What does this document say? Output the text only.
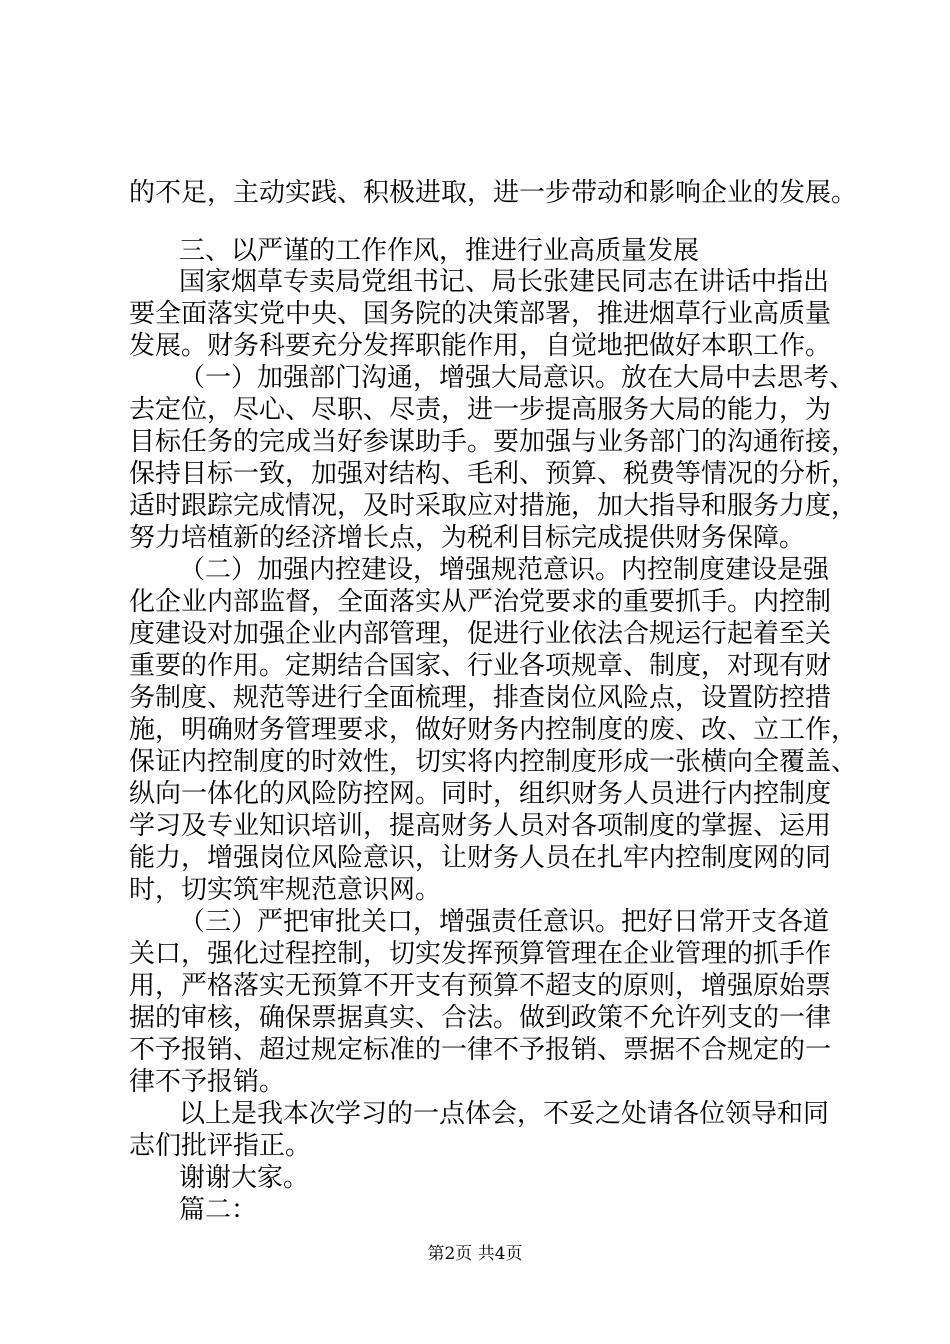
的不足，主动实践、积极进取，进一步带动和影响企业的发展。
三、以严谨的工作作风，推进行业高质量发展
国家烟草专卖局党组书记、局长张建民同志在讲话中指出
要全面落实党中央、国务院的决策部署，推进烟草行业高质量
发展。财务科要充分发挥职能作用，自觉地把做好本职工作。
（一）加强部门沟通，增强大局意识。放在大局中去思考、
去定位，尽心、尽职、尽责，进一步提高服务大局的能力，为
目标任务的完成当好参谋助手。要加强与业务部门的沟通衔接，
保持目标一致，加强对结构、毛利、预算、税费等情况的分析，
适时跟踪完成情况，及时采取应对措施，加大指导和服务力度，
努力培植新的经济增长点，为税利目标完成提供财务保障。
（二）加强内控建设，增强规范意识。内控制度建设是强
化企业内部监督，全面落实从严治党要求的重要抓手。内控制
度建设对加强企业内部管理，促进行业依法合规运行起着至关
重要的作用。定期结合国家、行业各项规章、制度，对现有财
务制度、规范等进行全面梳理，排查岗位风险点，设置防控措
施，明确财务管理要求，做好财务内控制度的废、改、立工作，
保证内控制度的时效性，切实将内控制度形成一张横向全覆盖、
纵向一体化的风险防控网。同时，组织财务人员进行内控制度
学习及专业知识培训，提高财务人员对各项制度的掌握、运用
能力，增强岗位风险意识，让财务人员在扎牢内控制度网的同
时，切实筑牢规范意识网。
（三）严把审批关口，增强责任意识。把好日常开支各道
关口，强化过程控制，切实发挥预算管理在企业管理的抓手作
用，严格落实无预算不开支有预算不超支的原则，增强原始票
据的审核，确保票据真实、合法。做到政策不允许列支的一律
不予报销、超过规定标准的一律不予报销、票据不合规定的一
律不予报销。
以上是我本次学习的一点体会，不妥之处请各位领导和同
志们批评指正。
谢谢大家。
篇二：
第2页 共4页
